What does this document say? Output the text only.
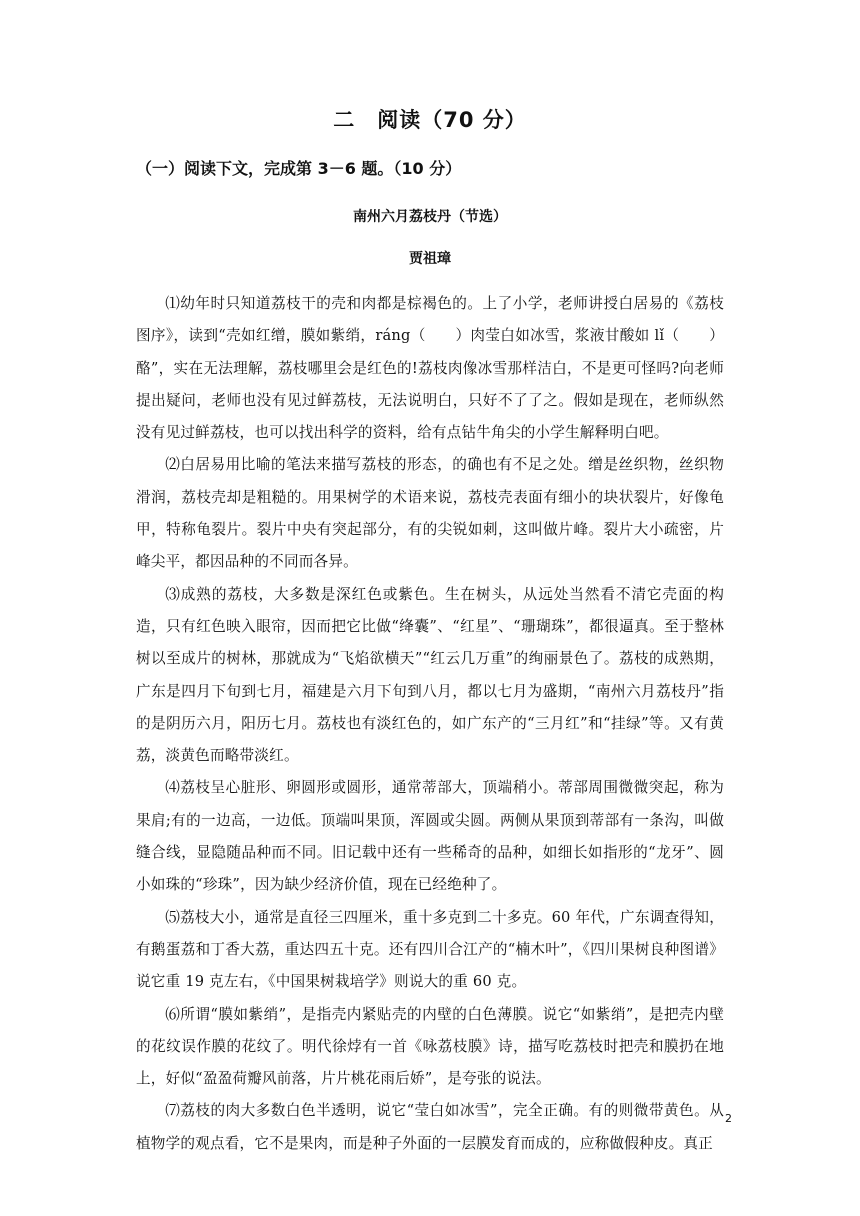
二　阅读（70 分）
（一）阅读下文，完成第 3－6 题。（10 分）
南州六月荔枝丹（节选）
贾祖璋

⑴幼年时只知道荔枝干的壳和肉都是棕褐色的。上了小学，老师讲授白居易的《荔枝图序》，读到“壳如红缯，膜如紫绡，ráng（　　）肉莹白如冰雪，浆液甘酸如 lǐ（　　）酪”，实在无法理解，荔枝哪里会是红色的!荔枝肉像冰雪那样洁白，不是更可怪吗?向老师提出疑问，老师也没有见过鲜荔枝，无法说明白，只好不了了之。假如是现在，老师纵然没有见过鲜荔枝，也可以找出科学的资料，给有点钻牛角尖的小学生解释明白吧。

⑵白居易用比喻的笔法来描写荔枝的形态，的确也有不足之处。缯是丝织物，丝织物滑润，荔枝壳却是粗糙的。用果树学的术语来说，荔枝壳表面有细小的块状裂片，好像龟甲，特称龟裂片。裂片中央有突起部分，有的尖锐如刺，这叫做片峰。裂片大小疏密，片峰尖平，都因品种的不同而各异。

⑶成熟的荔枝，大多数是深红色或紫色。生在树头，从远处当然看不清它壳面的构造，只有红色映入眼帘，因而把它比做“绛囊”、“红星”、“珊瑚珠”，都很逼真。至于整林树以至成片的树林，那就成为“飞焰欲横天”“红云几万重”的绚丽景色了。荔枝的成熟期，广东是四月下旬到七月，福建是六月下旬到八月，都以七月为盛期，“南州六月荔枝丹”指的是阴历六月，阳历七月。荔枝也有淡红色的，如广东产的“三月红”和“挂绿”等。又有黄荔，淡黄色而略带淡红。

⑷荔枝呈心脏形、卵圆形或圆形，通常蒂部大，顶端稍小。蒂部周围微微突起，称为果肩;有的一边高，一边低。顶端叫果顶，浑圆或尖圆。两侧从果顶到蒂部有一条沟，叫做缝合线，显隐随品种而不同。旧记载中还有一些稀奇的品种，如细长如指形的“龙牙”、圆小如珠的“珍珠”，因为缺少经济价值，现在已经绝种了。

⑸荔枝大小，通常是直径三四厘米，重十多克到二十多克。60 年代，广东调查得知，有鹅蛋荔和丁香大荔，重达四五十克。还有四川合江产的“楠木叶”，《四川果树良种图谱》说它重 19 克左右，《中国果树栽培学》则说大的重 60 克。

⑹所谓“膜如紫绡”，是指壳内紧贴壳的内壁的白色薄膜。说它“如紫绡”，是把壳内壁的花纹误作膜的花纹了。明代徐㶿有一首《咏荔枝膜》诗，描写吃荔枝时把壳和膜扔在地上，好似“盈盈荷瓣风前落，片片桃花雨后娇”，是夸张的说法。

⑺荔枝的肉大多数白色半透明，说它“莹白如冰雪”，完全正确。有的则微带黄色。从植物学的观点看，它不是果肉，而是种子外面的一层膜发育而成的，应称做假种皮。真正

2
